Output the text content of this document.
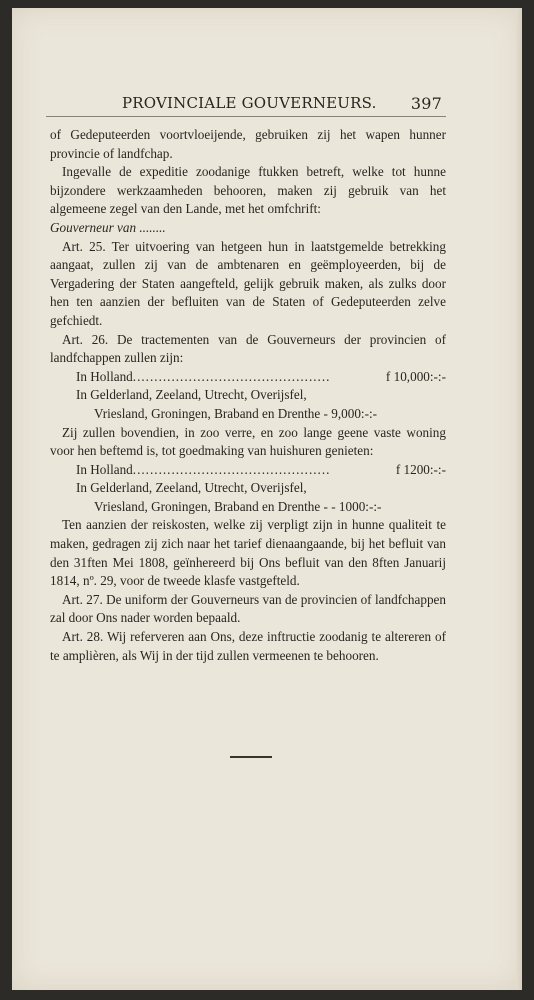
PROVINCIALE GOUVERNEURS. 397

of Gedeputeerden voortvloeijende, gebruiken zij het wapen hunner provincie of landfchap.

Ingevalle de expeditie zoodanige ftukken betreft, welke tot hunne bijzondere werkzaamheden behooren, maken zij gebruik van het algemeene zegel van den Lande, met het omfchrift:

Gouverneur van ........

Art. 25. Ter uitvoering van hetgeen hun in laatstgemelde betrekking aangaat, zullen zij van de ambtenaren en geëmployeerden, bij de Vergadering der Staten aangefteld, gelijk gebruik maken, als zulks door hen ten aanzien der befluiten van de Staten of Gedeputeerden zelve gefchiedt.

Art. 26. De tractementen van de Gouverneurs der provincien of landfchappen zullen zijn:

In Holland ..............................................	f 10,000:-:-
In Gelderland, Zeeland, Utrecht, Overijsfel,
Vriesland, Groningen, Braband en Drenthe - 9,000:-:-

Zij zullen bovendien, in zoo verre, en zoo lange geene vaste woning voor hen beftemd is, tot goedmaking van huishuren genieten:

In Holland ..............................................	f 1200:-:-
In Gelderland, Zeeland, Utrecht, Overijsfel,
Vriesland, Groningen, Braband en Drenthe - - 1000:-:-

Ten aanzien der reiskosten, welke zij verpligt zijn in hunne qualiteit te maken, gedragen zij zich naar het tarief dienaangaande, bij het befluit van den 31ften Mei 1808, geïnhereerd bij Ons befluit van den 8ften Januarij 1814, nº. 29, voor de tweede klasfe vastgefteld.

Art. 27. De uniform der Gouverneurs van de provincien of landfchappen zal door Ons nader worden bepaald.

Art. 28. Wij referveren aan Ons, deze inftructie zoodanig te altereren of te amplièren, als Wij in der tijd zullen vermeenen te behooren.
